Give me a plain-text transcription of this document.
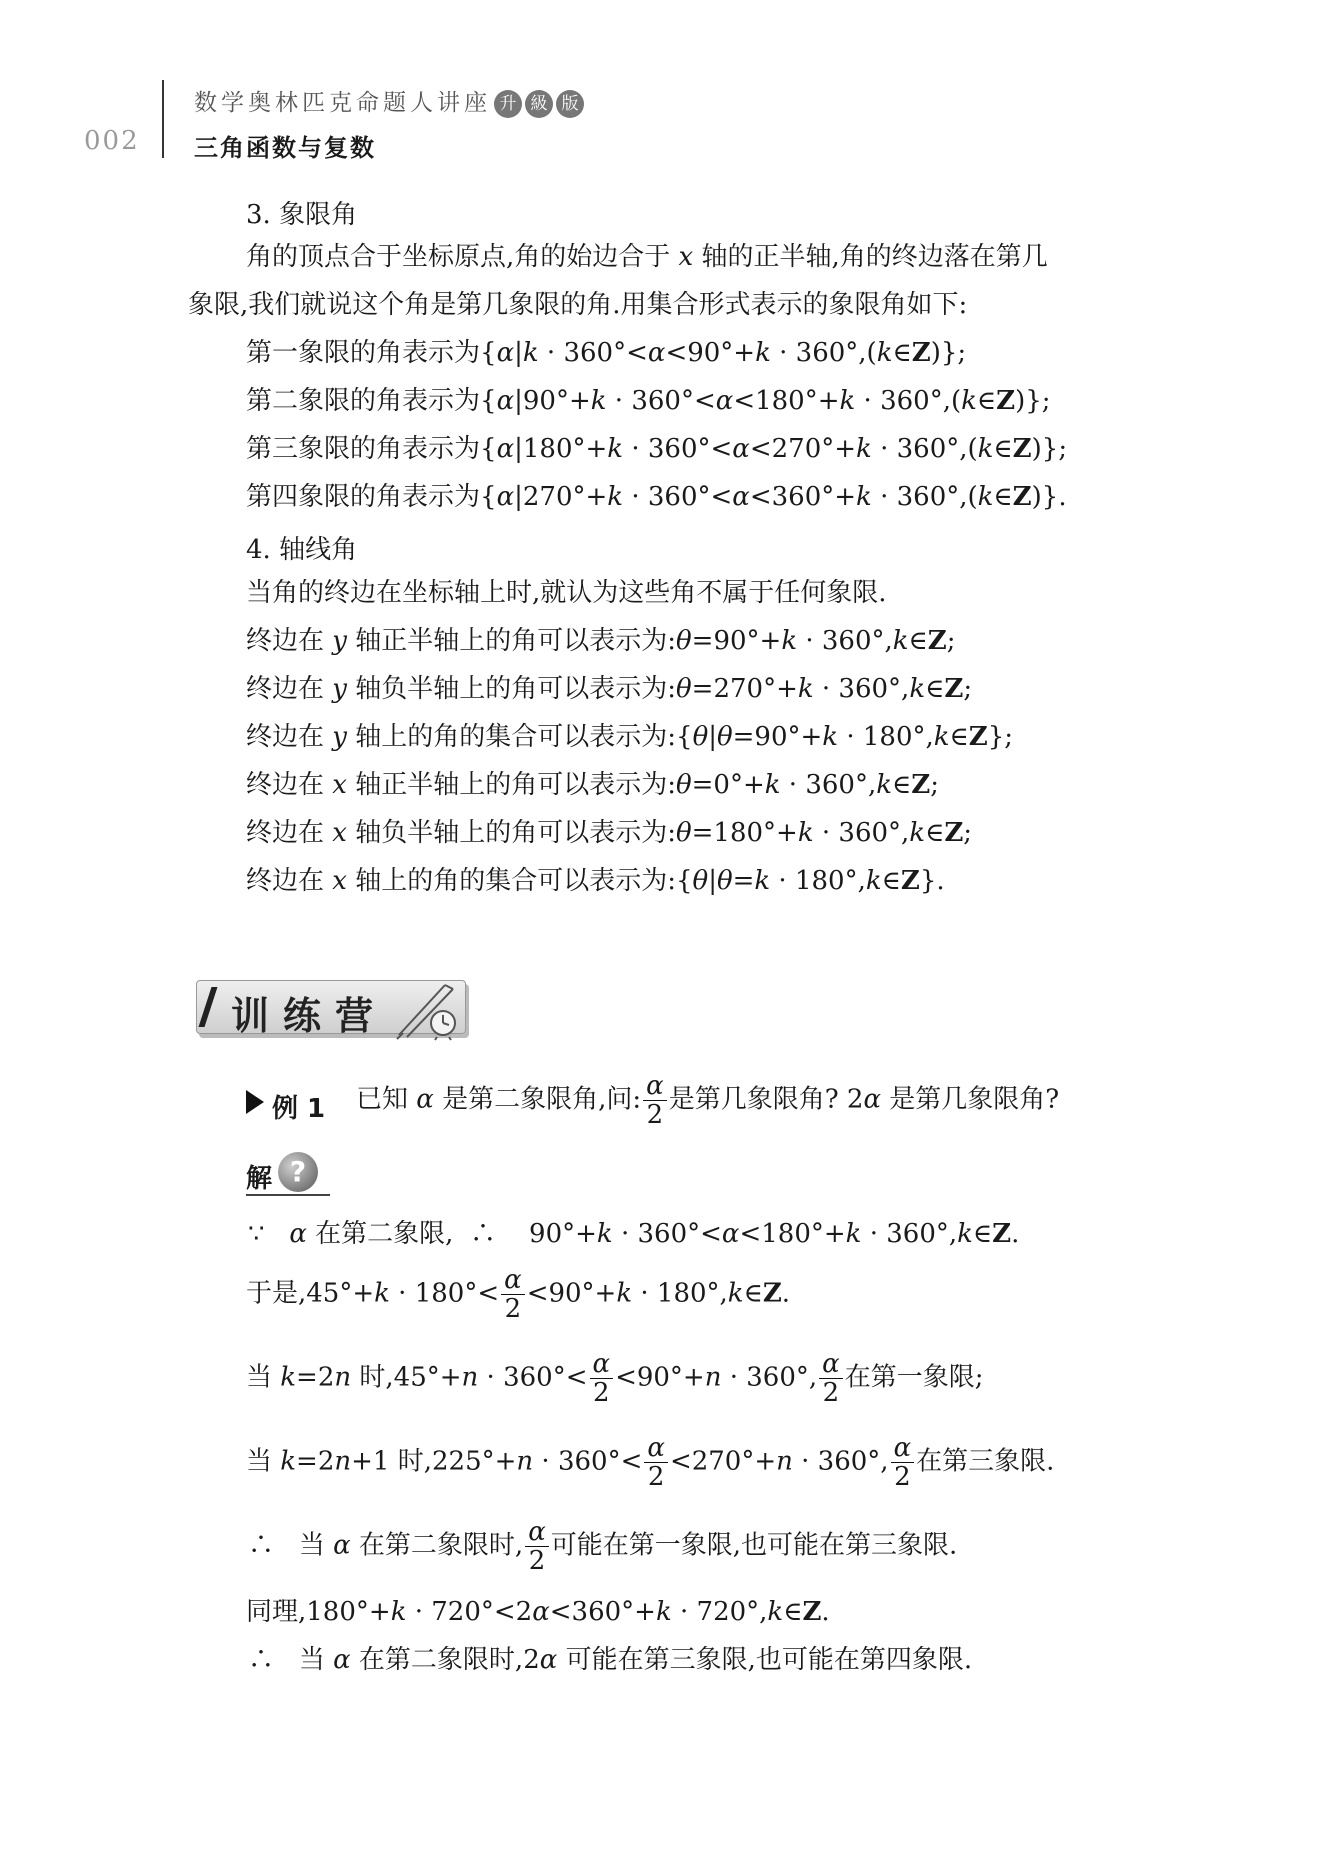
002
数学奥林匹克命题人讲座 升 級 版
三角函数与复数
3. 象限角
角的顶点合于坐标原点,角的始边合于 x 轴的正半轴,角的终边落在第几
象限,我们就说这个角是第几象限的角.用集合形式表示的象限角如下:
第一象限的角表示为{α|k · 360°<α<90°+k · 360°,(k∈Z)};
第二象限的角表示为{α|90°+k · 360°<α<180°+k · 360°,(k∈Z)};
第三象限的角表示为{α|180°+k · 360°<α<270°+k · 360°,(k∈Z)};
第四象限的角表示为{α|270°+k · 360°<α<360°+k · 360°,(k∈Z)}.
4. 轴线角
当角的终边在坐标轴上时,就认为这些角不属于任何象限.
终边在 y 轴正半轴上的角可以表示为:θ=90°+k · 360°,k∈Z;
终边在 y 轴负半轴上的角可以表示为:θ=270°+k · 360°,k∈Z;
终边在 y 轴上的角的集合可以表示为:{θ|θ=90°+k · 180°,k∈Z};
终边在 x 轴正半轴上的角可以表示为:θ=0°+k · 360°,k∈Z;
终边在 x 轴负半轴上的角可以表示为:θ=180°+k · 360°,k∈Z;
终边在 x 轴上的角的集合可以表示为:{θ|θ=k · 180°,k∈Z}.
训练营
例 1 已知 α 是第二象限角,问: $\frac{\alpha}{2}$ 是第几象限角? 2α 是第几象限角?
解 ?
∵ α 在第二象限, ∴    90°+k · 360°<α<180°+k · 360°,k∈Z.
于是$,45^\circ+k \cdot 180^\circ< \frac{\alpha}{2} <90^\circ+k$ · 180°,k∈Z.
当 k=2n 时$,45^\circ+n \cdot 360^\circ< \frac{\alpha}{2} <90^\circ+n \cdot 360^\circ$, $\frac{\alpha}{2}$ 在第一象限;
当 k=2n+1 时$,225^\circ+n \cdot 360^\circ< \frac{\alpha}{2} <270^\circ+n \cdot 360^\circ$, $\frac{\alpha}{2}$ 在第三象限.
∴ 当 α 在第二象限时, $\frac{\alpha}{2}$ 可能在第一象限,也可能在第三象限.
同理,180°+k · 720°<2α<360°+k · 720°,k∈Z.
∴ 当 α 在第二象限时,2α 可能在第三象限,也可能在第四象限.
